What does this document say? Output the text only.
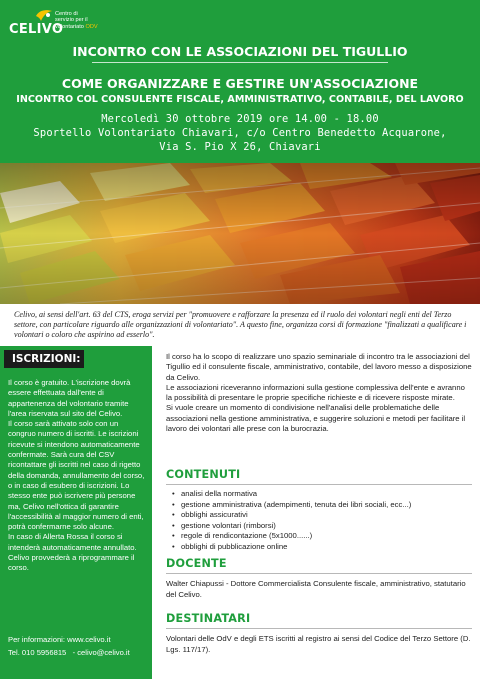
CELIVO
Centro di
servizio per il
volontariato ODV
INCONTRO CON LE ASSOCIAZIONI DEL TIGULLIO
COME ORGANIZZARE E GESTIRE UN'ASSOCIAZIONE
INCONTRO COL CONSULENTE FISCALE, AMMINISTRATIVO, CONTABILE, DEL LAVORO
Mercoledì 30 ottobre 2019 ore 14.00 - 18.00
Sportello Volontariato Chiavari, c/o Centro Benedetto Acquarone,
Via S. Pio X 26, Chiavari
Celivo, ai sensi dell'art. 63 del CTS, eroga servizi per "promuovere e rafforzare la presenza ed il ruolo dei volontari negli enti del Terzo settore, con particolare riguardo alle organizzazioni di volontariato". A questo fine, organizza corsi di formazione "finalizzati a qualificare i volontari o coloro che aspirino ad esserlo".
ISCRIZIONI:

Il corso è gratuito. L'iscrizione dovrà essere effettuata dall'ente di appartenenza del volontario tramite l'area riservata sul sito del Celivo.

Il corso sarà attivato solo con un congruo numero di iscritti. Le iscrizioni ricevute si intendono automaticamente confermate. Sarà cura del CSV ricontattare gli iscritti nel caso di rigetto della domanda, annullamento del corso, o in caso di esubero di iscrizioni. Lo stesso ente può iscrivere più persone ma, Celivo nell'ottica di garantire l'accessibilità al maggior numero di enti, potrà confermarne solo alcune.

In caso di Allerta Rossa il corso si intenderà automaticamente annullato. Celivo provvederà a riprogrammare il corso.

Per informazioni: www.celivo.it
Tel. 010 5956815 - celivo@celivo.it

Il corso ha lo scopo di realizzare uno spazio seminariale di incontro tra le associazioni del Tigullio ed il consulente fiscale, amministrativo, contabile, del lavoro messo a disposizione da Celivo.

Le associazioni riceveranno informazioni sulla gestione complessiva dell'ente e avranno la possibilità di presentare le proprie specifiche richieste e di ricevere risposte mirate.

Si vuole creare un momento di condivisione nell'analisi delle problematiche delle associazioni nella gestione amministrativa, e suggerire soluzioni e metodi per facilitare il lavoro dei volontari alle prese con la burocrazia.

CONTENUTI
• analisi della normativa
• gestione amministrativa (adempimenti, tenuta dei libri sociali, ecc...)
• obblighi assicurativi
• gestione volontari (rimborsi)
• regole di rendicontazione (5x1000......)
• obblighi di pubblicazione online
DOCENTE
Walter Chiapussi - Dottore Commercialista Consulente fiscale, amministrativo, statutario del Celivo.
DESTINATARI
Volontari delle OdV e degli ETS iscritti al registro ai sensi del Codice del Terzo Settore (D. Lgs. 117/17).
